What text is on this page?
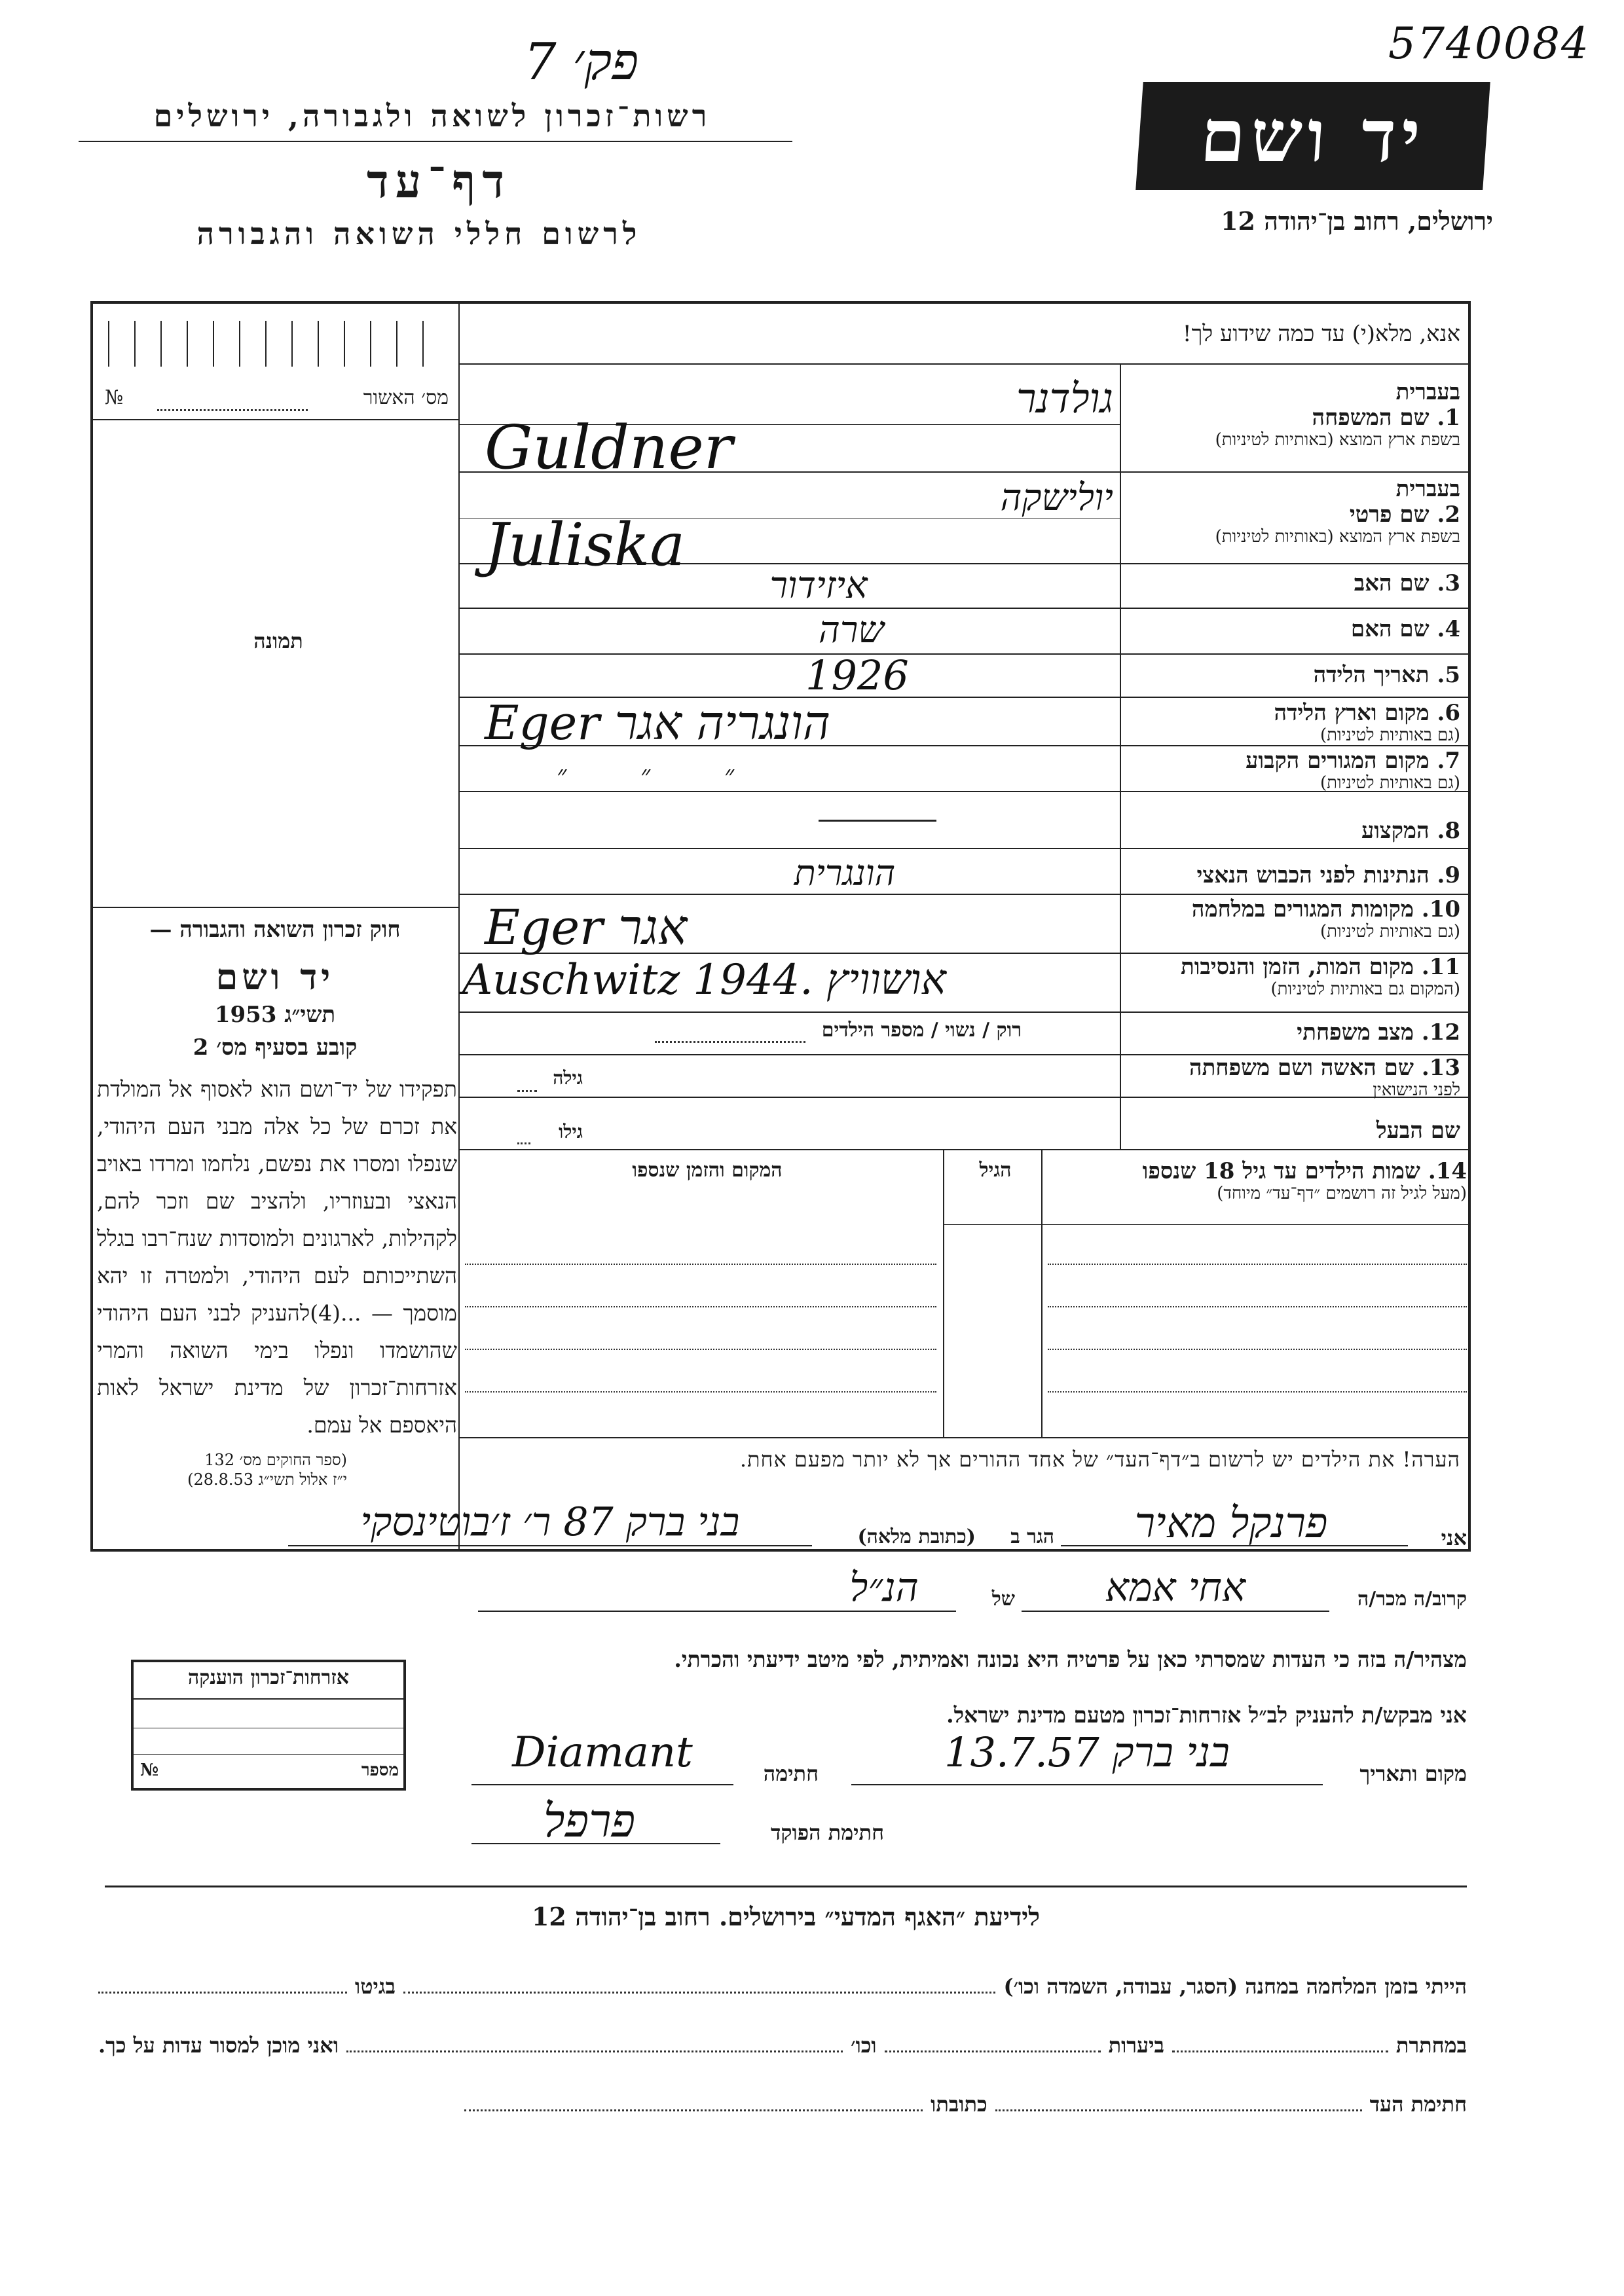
פק׳ 7	5740084
רשות־זכרון לשואה ולגבורה, ירושלים
דף־עד
לרשום חללי השואה והגבורה
יד ושם
ירושלים, רחוב בן־יהודה 12
אנא, מלא(י) עד כמה שידוע לך!
מס׳ האשור
№
תמונה
חוק זכרון השואה והגבורה —
יד ושם
תשי״ג 1953
קובע בסעיף מס׳ 2
תפקידו של יד־ושם הוא לאסוף אל המולדת את זכרם של כל אלה מבני העם היהודי, שנפלו ומסרו את נפשם, נלחמו ומרדו באויב הנאצי ובעוזריו, ולהציב שם וזכר להם, לקהילות, לארגונים ולמוסדות שנח־רבו בגלל השתייכותם לעם היהודי, ולמטרה זו יהא מוסמך — ...(4)להעניק לבני העם היהודי שהושמדו ונפלו בימי השואה והמרי אזרחות־זכרון של מדינת ישראל לאות היאספם אל עמם.
(ספר החוקים מס׳ 132
י״ז אלול תשי״ג 28.8.53)
בעברית
1. שם המשפחה
בשפת ארץ המוצא (באותיות לטיניות)
בעברית
2. שם פרטי
בשפת ארץ המוצא (באותיות לטיניות)
3. שם האב
4. שם האם
5. תאריך הלידה
6. מקום וארץ הלידה
(גם באותיות לטיניות)
7. מקום המגורים הקבוע
(גם באותיות לטיניות)
8. המקצוע
9. הנתינות לפני הכבוש הנאצי
10. מקומות המגורים במלחמה
(גם באותיות לטיניות)
11. מקום המות, הזמן והנסיבות
(המקום גם באותיות לטיניות)
12. מצב משפחתי
13. שם האשה ושם משפחתה
לפני הנישואין
שם הבעל
גולדנר
Guldner
יולישקה
Juliska
איזידור
שרה
1926
Eger הונגריה אגר
״ ״ ״
הונגרית
Eger אגר
Auschwitz 1944. אושוויץ
רוק / נשוי / מספר הילדים
גילה
גילו
14. שמות הילדים עד גיל 18 שנספו
(מעל לגיל זה רושמים ״דף־עד״ מיוחד)
הגיל
המקום והזמן שנספו
הערה! את הילדים יש לרשום ב״דף־העד״ של אחד ההורים אך לא יותר מפעם אחת.
אני
פרנקל מאיר
הגר ב
(כתובת מלאה)
בני ברק 87 ר׳ ז׳בוטינסקי
קרוב/ה מכר/ה
אחי אמא
של
הנ״ל
מצהיר/ה בזה כי העדות שמסרתי כאן על פרטיה היא נכונה ואמיתית, לפי מיטב ידיעתי והכרתי.
אני מבקש/ת להעניק לב״ל אזרחות־זכרון מטעם מדינת ישראל.
אזרחות־זכרון הוענקה
מספר
№	מקום ותאריך
בני ברק 13.7.57
חתימה
Diamant
חתימת הפוקד
פרפל
לידיעת ״האגף המדעי״ בירושלים. רחוב בן־יהודה 12
הייתי בזמן המלחמה במחנה (הסגר, עבודה, השמדה וכו׳)
בגיטו
במחתרת
ביערות
וכו׳
ואני מוכן למסור עדות על כך.
חתימת העד
כתובתו
